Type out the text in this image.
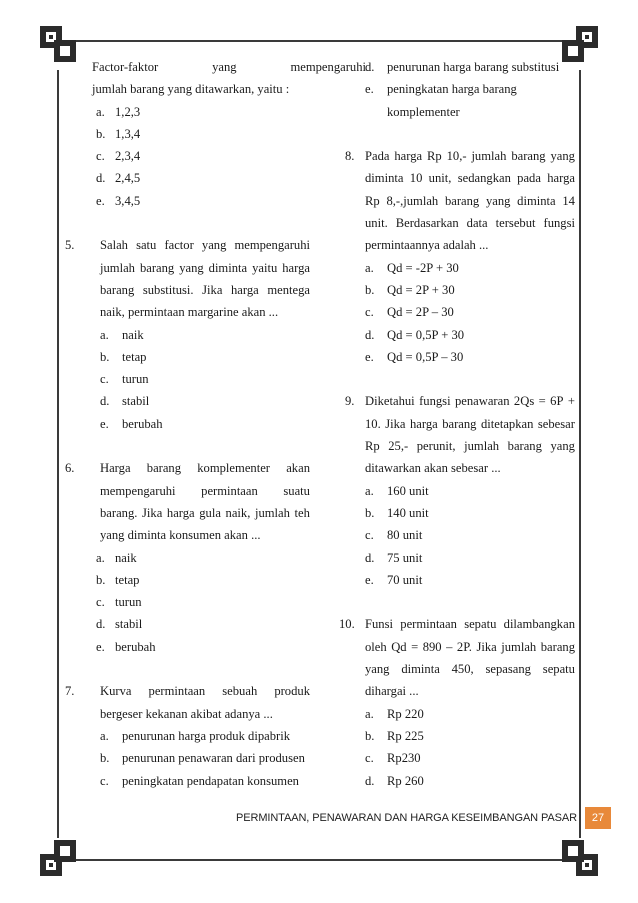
Factor-faktor	yang	mempengaruhi
jumlah barang yang ditawarkan, yaitu :
a. 1,2,3
b. 1,3,4
c. 2,3,4
d. 2,4,5
e. 3,4,5
5. Salah satu factor yang mempengaruhi
jumlah barang yang diminta yaitu harga
barang substitusi. Jika harga mentega
naik, permintaan margarine akan ...
a. naik
b. tetap
c. turun
d. stabil
e. berubah
6. Harga barang komplementer akan
mempengaruhi permintaan suatu
barang. Jika harga gula naik, jumlah teh
yang diminta konsumen akan ...
a. naik
b. tetap
c. turun
d. stabil
e. berubah
7. Kurva permintaan sebuah produk
bergeser kekanan akibat adanya ...
a. penurunan harga produk dipabrik
b. penurunan penawaran dari produsen
c. peningkatan pendapatan konsumen
d. penurunan harga barang substitusi
e. peningkatan harga barang
komplementer
8. Pada harga Rp 10,- jumlah barang yang
diminta 10 unit, sedangkan pada harga
Rp 8,-,jumlah barang yang diminta 14
unit. Berdasarkan data tersebut fungsi
permintaannya adalah ...
a. Qd = -2P + 30
b. Qd = 2P + 30
c. Qd = 2P – 30
d. Qd = 0,5P + 30
e. Qd = 0,5P – 30
9. Diketahui fungsi penawaran 2Qs = 6P +
10. Jika harga barang ditetapkan sebesar
Rp 25,- perunit, jumlah barang yang
ditawarkan akan sebesar ...
a. 160 unit
b. 140 unit
c. 80 unit
d. 75 unit
e. 70 unit
10. Funsi permintaan sepatu dilambangkan
oleh Qd = 890 – 2P. Jika jumlah barang
yang diminta 450, sepasang sepatu
dihargai ...
a. Rp 220
b. Rp 225
c. Rp230
d. Rp 260
PERMINTAAN, PENAWARAN DAN HARGA KESEIMBANGAN PASAR	27
